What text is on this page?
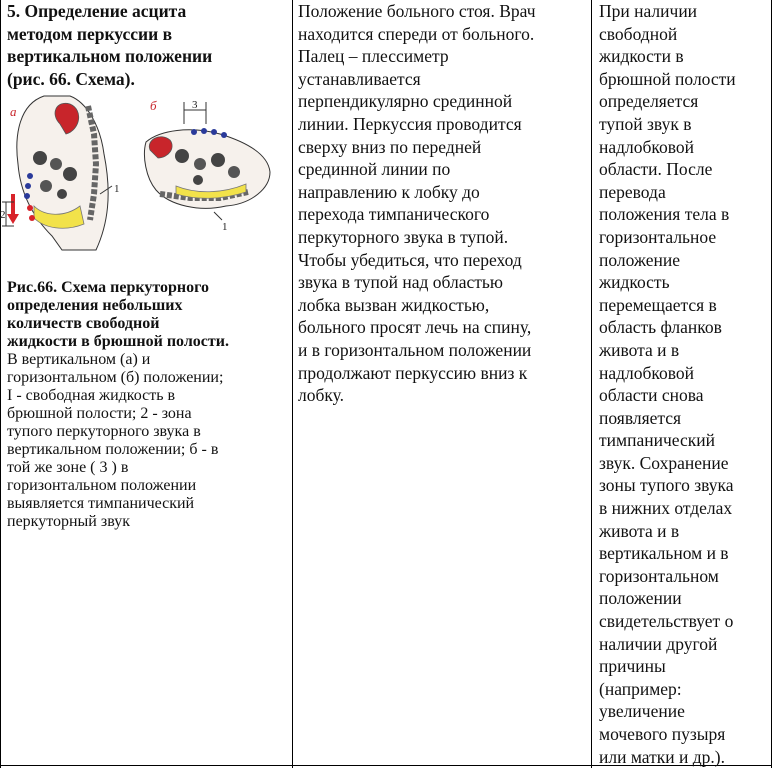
5. Определение асцита
методом перкуссии в
вертикальном положении
(рис. 66. Схема).
а
1
2
б	3
1
Рис.66. Схема перкуторного
определения небольших
количеств свободной
жидкости в брюшной полости.
В вертикальном (а) и
горизонтальном (б) положении;
I - свободная жидкость в
брюшной полости; 2 - зона
тупого перкуторного звука в
вертикальном положении; б - в
той же зоне ( 3 ) в
горизонтальном положении
выявляется тимпанический
перкуторный звук
Положение больного стоя. Врач
находится спереди от больного.
Палец – плессиметр
устанавливается
перпендикулярно срединной
линии. Перкуссия проводится
сверху вниз по передней
срединной линии по
направлению к лобку до
перехода тимпанического
перкуторного звука в тупой.
Чтобы убедиться, что переход
звука в тупой над областью
лобка вызван жидкостью,
больного просят лечь на спину,
и в горизонтальном положении
продолжают перкуссию вниз к
лобку.
При наличии
свободной
жидкости в
брюшной полости
определяется
тупой звук в
надлобковой
области. После
перевода
положения тела в
горизонтальное
положение
жидкость
перемещается в
область фланков
живота и в
надлобковой
области снова
появляется
тимпанический
звук. Сохранение
зоны тупого звука
в нижних отделах
живота и в
вертикальном и в
горизонтальном
положении
свидетельствует о
наличии другой
причины
(например:
увеличение
мочевого пузыря
или матки и др.).
